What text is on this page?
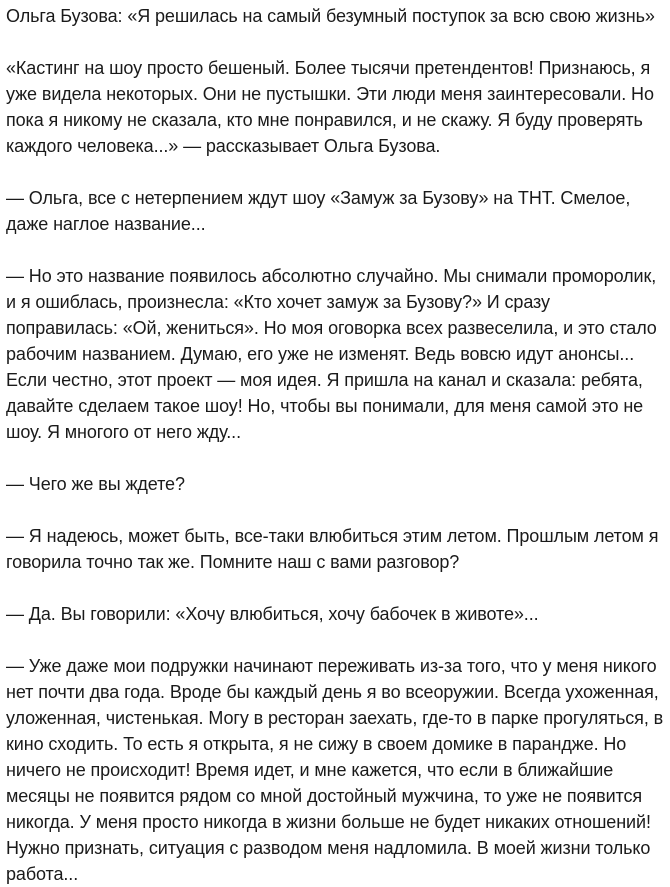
Ольга Бузова: «Я решилась на самый безумный поступок за всю свою жизнь»

«Кастинг на шоу просто бешеный. Более тысячи претендентов! Признаюсь, я уже видела некоторых. Они не пустышки. Эти люди меня заинтересовали. Но пока я никому не сказала, кто мне понравился, и не скажу. Я буду проверять каждого человека...» — рассказывает Ольга Бузова.

— Ольга, все с нетерпением ждут шоу «Замуж за Бузову» на ТНТ. Смелое, даже наглое название...

— Но это название появилось абсолютно случайно. Мы снимали проморолик, и я ошиблась, произнесла: «Кто хочет замуж за Бузову?» И сразу поправилась: «Ой, жениться». Но моя оговорка всех развеселила, и это стало рабочим названием. Думаю, его уже не изменят. Ведь вовсю идут анонсы... Если честно, этот проект — моя идея. Я пришла на канал и сказала: ребята, давайте сделаем такое шоу! Но, чтобы вы понимали, для меня самой это не шоу. Я многого от него жду...

— Чего же вы ждете?

— Я надеюсь, может быть, все-таки влюбиться этим летом. Прошлым летом я говорила точно так же. Помните наш с вами разговор?

— Да. Вы говорили: «Хочу влюбиться, хочу бабочек в животе»...

— Уже даже мои подружки начинают переживать из-за того, что у меня никого нет почти два года. Вроде бы каждый день я во всеоружии. Всегда ухоженная, уложенная, чистенькая. Могу в ресторан заехать, где-то в парке прогуляться, в кино сходить. То есть я открыта, я не сижу в своем домике в парандже. Но ничего не происходит! Время идет, и мне кажется, что если в ближайшие месяцы не появится рядом со мной достойный мужчина, то уже не появится никогда. У меня просто никогда в жизни больше не будет никаких отношений! Нужно признать, ситуация с разводом меня надломила. В моей жизни только работа...
